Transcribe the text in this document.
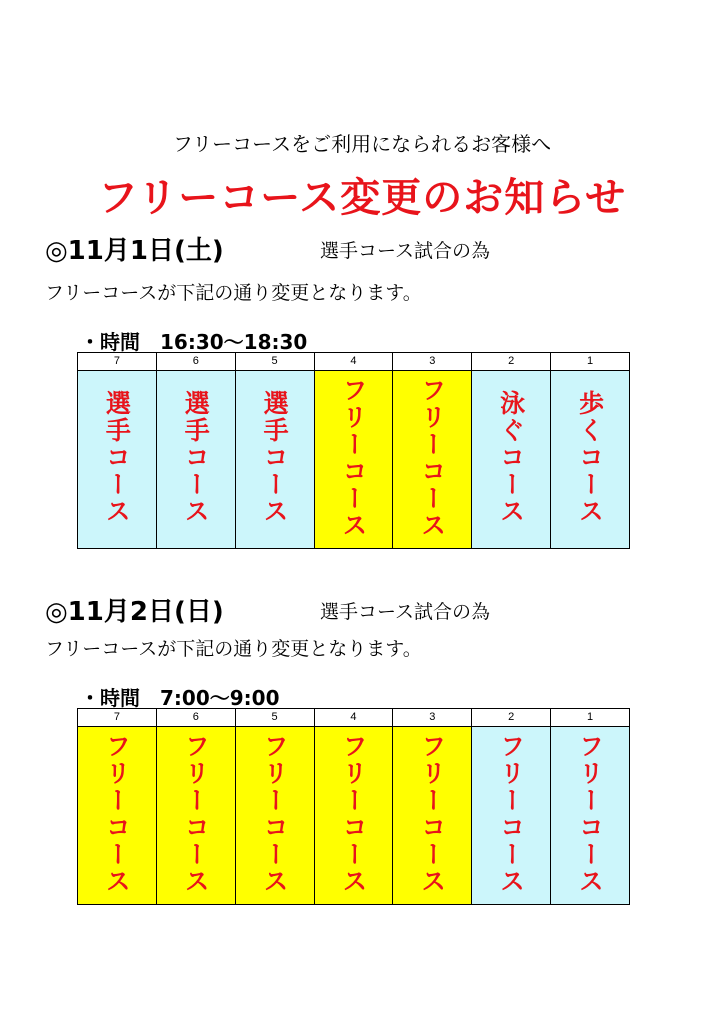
フリーコースをご利用になられるお客様へ
フリーコース変更のお知らせ
◎11月1日(土)	選手コース試合の為
フリーコースが下記の通り変更となります。
・時間　16:30〜18:30
7	6	5	4	3	2	1
選手コース	選手コース	選手コース	フリーコース	フリーコース	泳ぐコース	歩くコース
◎11月2日(日)	選手コース試合の為
フリーコースが下記の通り変更となります。
・時間　7:00〜9:00
7	6	5	4	3	2	1
フリーコース	フリーコース	フリーコース	フリーコース	フリーコース	フリーコース	フリーコース
